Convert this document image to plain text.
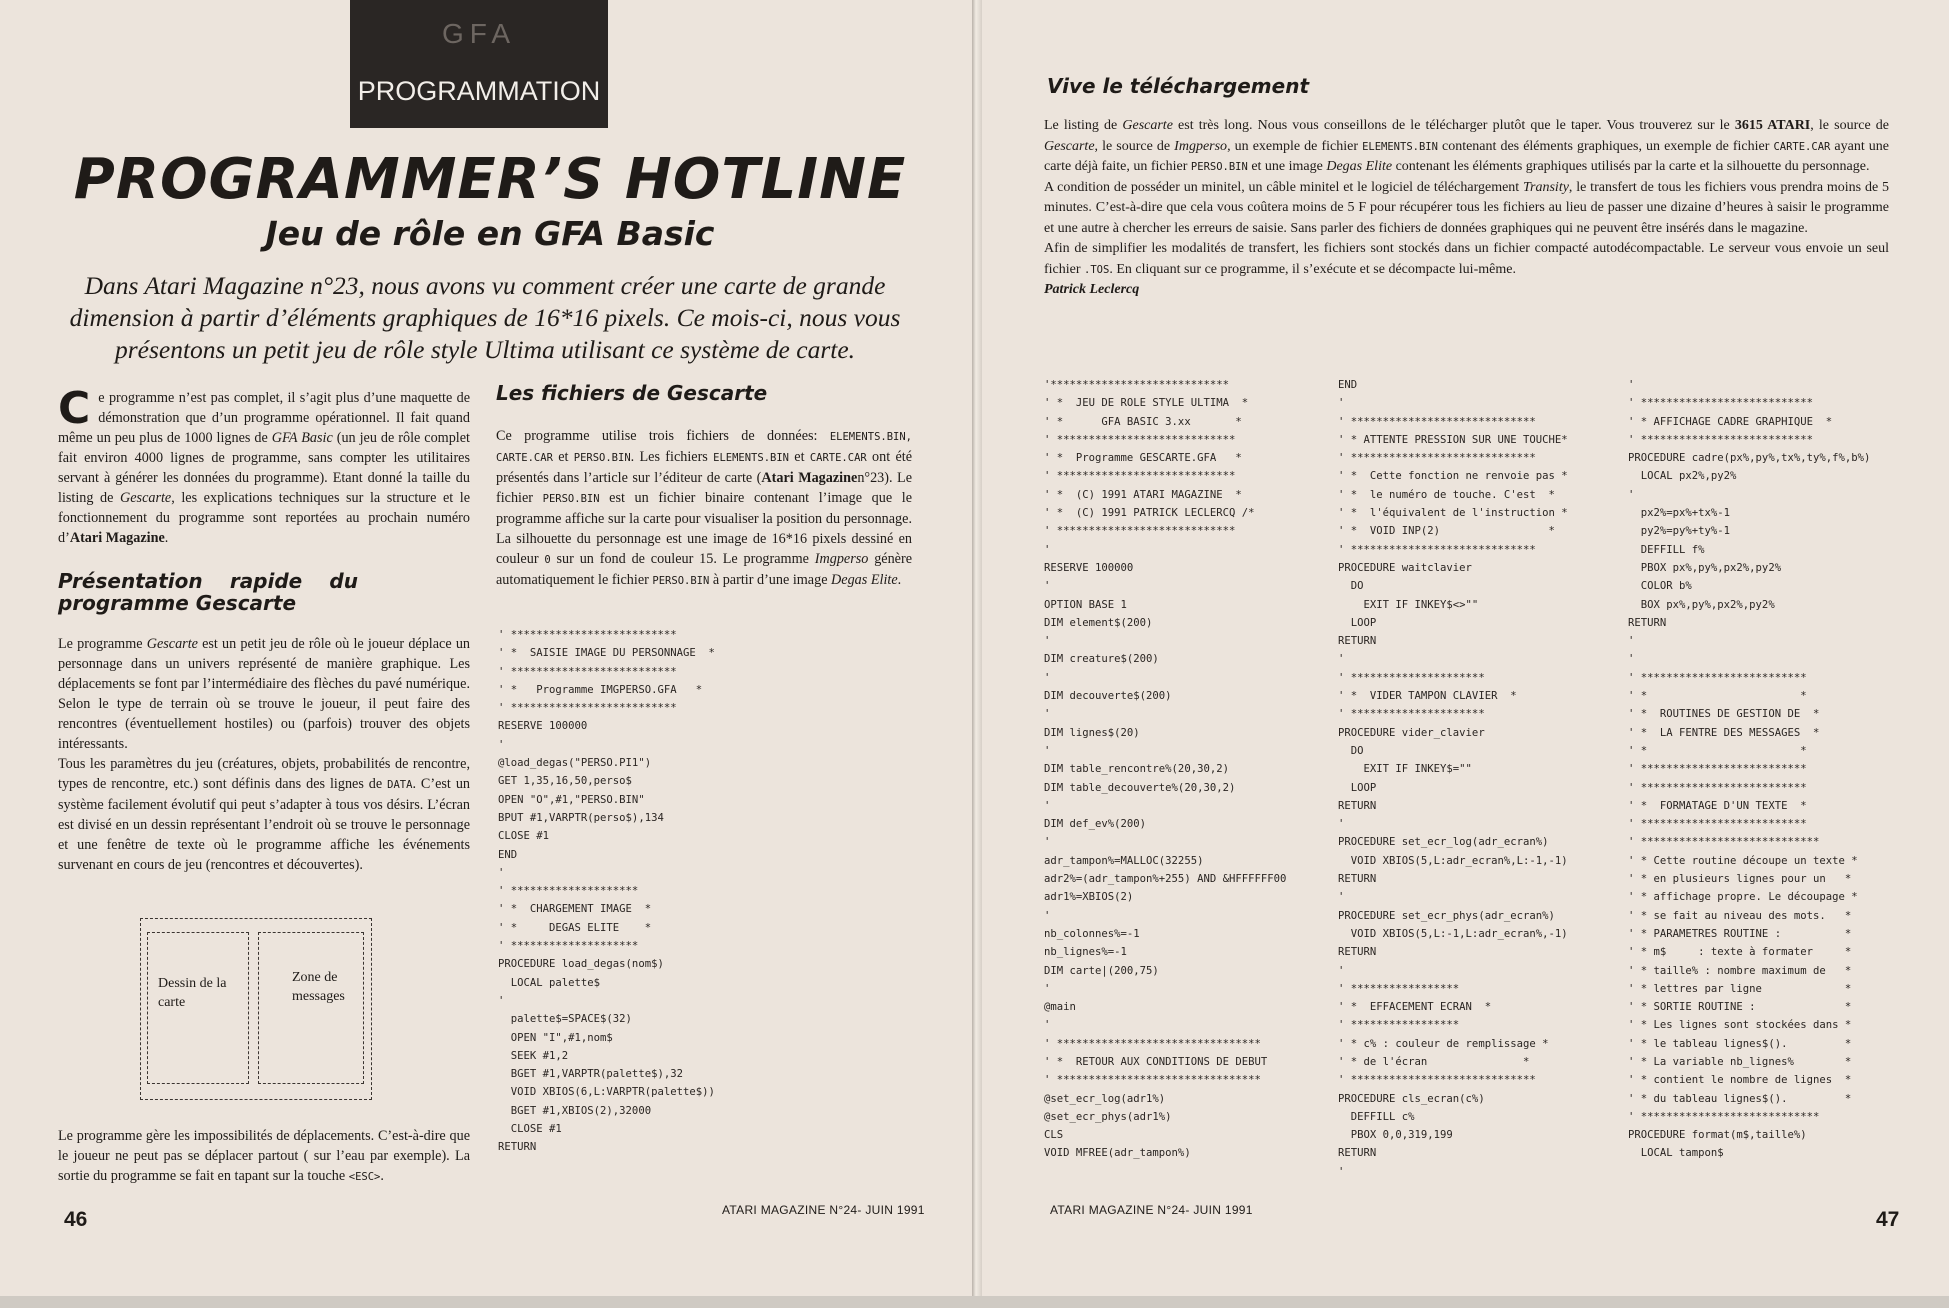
GFA
PROGRAMMATION
PROGRAMMER’S HOTLINE
Jeu de rôle en GFA Basic
Dans Atari Magazine n°23, nous avons vu comment créer une carte de grande dimension à partir d’éléments graphiques de 16*16 pixels. Ce mois-ci, nous vous présentons un petit jeu de rôle style Ultima utilisant ce système de carte.

Ce programme n’est pas complet, il s’agit plus d’une maquette de démonstration que d’un programme opérationnel. Il fait quand même un peu plus de 1000 lignes de GFA Basic (un jeu de rôle complet fait environ 4000 lignes de programme, sans compter les utilitaires servant à générer les données du programme). Etant donné la taille du listing de Gescarte, les explications techniques sur la structure et le fonctionnement du programme sont reportées au prochain numéro d’Atari Magazine.

Présentation rapide du programme Gescarte

Le programme Gescarte est un petit jeu de rôle où le joueur déplace un personnage dans un univers représenté de manière graphique. Les déplacements se font par l’intermédiaire des flèches du pavé numérique. Selon le type de terrain où se trouve le joueur, il peut faire des rencontres (éventuellement hostiles) ou (parfois) trouver des objets intéressants.

Tous les paramètres du jeu (créatures, objets, probabilités de rencontre, types de rencontre, etc.) sont définis dans des lignes de DATA. C’est un système facilement évolutif qui peut s’adapter à tous vos désirs. L’écran est divisé en un dessin représentant l’endroit où se trouve le personnage et une fenêtre de texte où le programme affiche les événements survenant en cours de jeu (rencontres et découvertes).

Dessin de la carte
Zone de messages

Le programme gère les impossibilités de déplacements. C’est-à-dire que le joueur ne peut pas se déplacer partout ( sur l’eau par exemple). La sortie du programme se fait en tapant sur la touche <ESC>.

Les fichiers de Gescarte

Ce programme utilise trois fichiers de données: ELEMENTS.BIN, CARTE.CAR et PERSO.BIN. Les fichiers ELEMENTS.BIN et CARTE.CAR ont été présentés dans l’article sur l’éditeur de carte (Atari Magazinen°23). Le fichier PERSO.BIN est un fichier binaire contenant l’image que le programme affiche sur la carte pour visualiser la position du personnage. La silhouette du personnage est une image de 16*16 pixels dessiné en couleur 0 sur un fond de couleur 15. Le programme Imgperso génère automatiquement le fichier PERSO.BIN à partir d’une image Degas Elite.

' **************************
' *  SAISIE IMAGE DU PERSONNAGE  *
' **************************
' *   Programme IMGPERSO.GFA   *
' **************************
RESERVE 100000
'
@load_degas("PERSO.PI1")
GET 1,35,16,50,perso$
OPEN "O",#1,"PERSO.BIN"
BPUT #1,VARPTR(perso$),134
CLOSE #1
END
'
' ********************
' *  CHARGEMENT IMAGE  *
' *     DEGAS ELITE    *
' ********************
PROCEDURE load_degas(nom$)
LOCAL palette$
'
palette$=SPACE$(32)
OPEN "I",#1,nom$
SEEK #1,2
BGET #1,VARPTR(palette$),32
VOID XBIOS(6,L:VARPTR(palette$))
BGET #1,XBIOS(2),32000
CLOSE #1
RETURN
46	ATARI MAGAZINE N°24- JUIN 1991
Vive le téléchargement

Le listing de Gescarte est très long. Nous vous conseillons de le télécharger plutôt que le taper. Vous trouverez sur le 3615 ATARI, le source de Gescarte, le source de Imgperso, un exemple de fichier ELEMENTS.BIN contenant des éléments graphiques, un exemple de fichier CARTE.CAR ayant une carte déjà faite, un fichier PERSO.BIN et une image Degas Elite contenant les éléments graphiques utilisés par la carte et la silhouette du personnage.

A condition de posséder un minitel, un câble minitel et le logiciel de téléchargement Transity, le transfert de tous les fichiers vous prendra moins de 5 minutes. C’est-à-dire que cela vous coûtera moins de 5 F pour récupérer tous les fichiers au lieu de passer une dizaine d’heures à saisir le programme et une autre à chercher les erreurs de saisie. Sans parler des fichiers de données graphiques qui ne peuvent être insérés dans le magazine.

Afin de simplifier les modalités de transfert, les fichiers sont stockés dans un fichier compacté autodécompactable. Le serveur vous envoie un seul fichier .TOS. En cliquant sur ce programme, il s’exécute et se décompacte lui-même.

Patrick Leclercq

'****************************
' *  JEU DE ROLE STYLE ULTIMA  *
' *      GFA BASIC 3.xx       *
' ****************************
' *  Programme GESCARTE.GFA   *
' ****************************
' *  (C) 1991 ATARI MAGAZINE  *
' *  (C) 1991 PATRICK LECLERCQ /*
' ****************************
'
RESERVE 100000
'
OPTION BASE 1
DIM element$(200)
'
DIM creature$(200)
'
DIM decouverte$(200)
'
DIM lignes$(20)
'
DIM table_rencontre%(20,30,2)
DIM table_decouverte%(20,30,2)
'
DIM def_ev%(200)
'
adr_tampon%=MALLOC(32255)
adr2%=(adr_tampon%+255) AND &HFFFFFF00
adr1%=XBIOS(2)
'
nb_colonnes%=-1
nb_lignes%=-1
DIM carte|(200,75)
'
@main
'
' ********************************
' *  RETOUR AUX CONDITIONS DE DEBUT
' ********************************
@set_ecr_log(adr1%)
@set_ecr_phys(adr1%)
CLS
VOID MFREE(adr_tampon%)
END
'
' *****************************
' * ATTENTE PRESSION SUR UNE TOUCHE*
' *****************************
' *  Cette fonction ne renvoie pas *
' *  le numéro de touche. C'est  *
' *  l'équivalent de l'instruction *
' *  VOID INP(2)                 *
' *****************************
PROCEDURE waitclavier
DO
EXIT IF INKEY$<>""
LOOP
RETURN
'
' *********************
' *  VIDER TAMPON CLAVIER  *
' *********************
PROCEDURE vider_clavier
DO
EXIT IF INKEY$=""
LOOP
RETURN
'
PROCEDURE set_ecr_log(adr_ecran%)
VOID XBIOS(5,L:adr_ecran%,L:-1,-1)
RETURN
'
PROCEDURE set_ecr_phys(adr_ecran%)
VOID XBIOS(5,L:-1,L:adr_ecran%,-1)
RETURN
'
' *****************
' *  EFFACEMENT ECRAN  *
' *****************
' * c% : couleur de remplissage *
' * de l'écran               *
' *****************************
PROCEDURE cls_ecran(c%)
DEFFILL c%
PBOX 0,0,319,199
RETURN
'
'
' ***************************
' * AFFICHAGE CADRE GRAPHIQUE  *
' ***************************
PROCEDURE cadre(px%,py%,tx%,ty%,f%,b%)
LOCAL px2%,py2%
'
px2%=px%+tx%-1
py2%=py%+ty%-1
DEFFILL f%
PBOX px%,py%,px2%,py2%
COLOR b%
BOX px%,py%,px2%,py2%
RETURN
'
'
' **************************
' *                        *
' *  ROUTINES DE GESTION DE  *
' *  LA FENTRE DES MESSAGES  *
' *                        *
' **************************
' **************************
' *  FORMATAGE D'UN TEXTE  *
' **************************
' ****************************
' * Cette routine découpe un texte *
' * en plusieurs lignes pour un   *
' * affichage propre. Le découpage *
' * se fait au niveau des mots.   *
' * PARAMETRES ROUTINE :          *
' * m$     : texte à formater     *
' * taille% : nombre maximum de   *
' * lettres par ligne             *
' * SORTIE ROUTINE :              *
' * Les lignes sont stockées dans *
' * le tableau lignes$().         *
' * La variable nb_lignes%        *
' * contient le nombre de lignes  *
' * du tableau lignes$().         *
' ****************************
PROCEDURE format(m$,taille%)
LOCAL tampon$
ATARI MAGAZINE N°24- JUIN 1991	47
